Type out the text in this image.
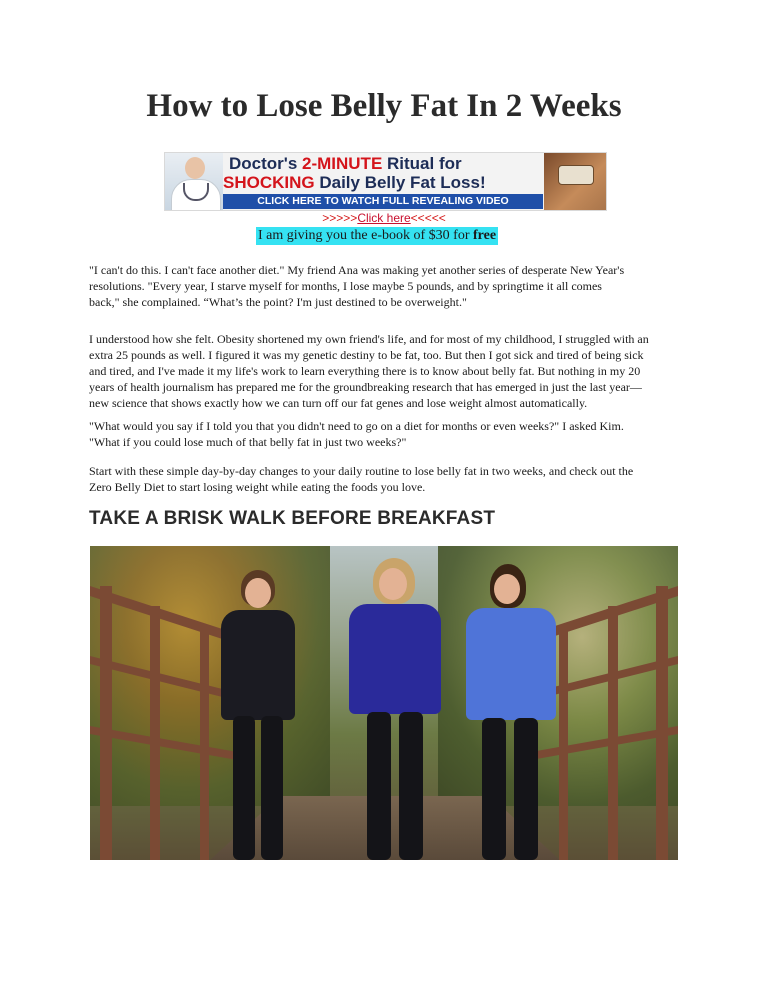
How to Lose Belly Fat In 2 Weeks
Doctor's 2-MINUTE Ritual for
SHOCKING Daily Belly Fat Loss!
CLICK HERE TO WATCH FULL REVEALING VIDEO
>>>>>Click here<<<<<
I am giving you the e-book of $30 for free

"I can't do this. I can't face another diet." My friend Ana was making yet another series of desperate New Year's
resolutions. "Every year, I starve myself for months, I lose maybe 5 pounds, and by springtime it all comes
back," she complained. “What’s the point? I'm just destined to be overweight."

I understood how she felt. Obesity shortened my own friend's life, and for most of my childhood, I struggled with an
extra 25 pounds as well. I figured it was my genetic destiny to be fat, too. But then I got sick and tired of being sick
and tired, and I've made it my life's work to learn everything there is to know about belly fat. But nothing in my 20
years of health journalism has prepared me for the groundbreaking research that has emerged in just the last year—
new science that shows exactly how we can turn off our fat genes and lose weight almost automatically.

"What would you say if I told you that you didn't need to go on a diet for months or even weeks?" I asked Kim.
"What if you could lose much of that belly fat in just two weeks?"

Start with these simple day-by-day changes to your daily routine to lose belly fat in two weeks, and check out the
Zero Belly Diet to start losing weight while eating the foods you love.

TAKE A BRISK WALK BEFORE BREAKFAST
